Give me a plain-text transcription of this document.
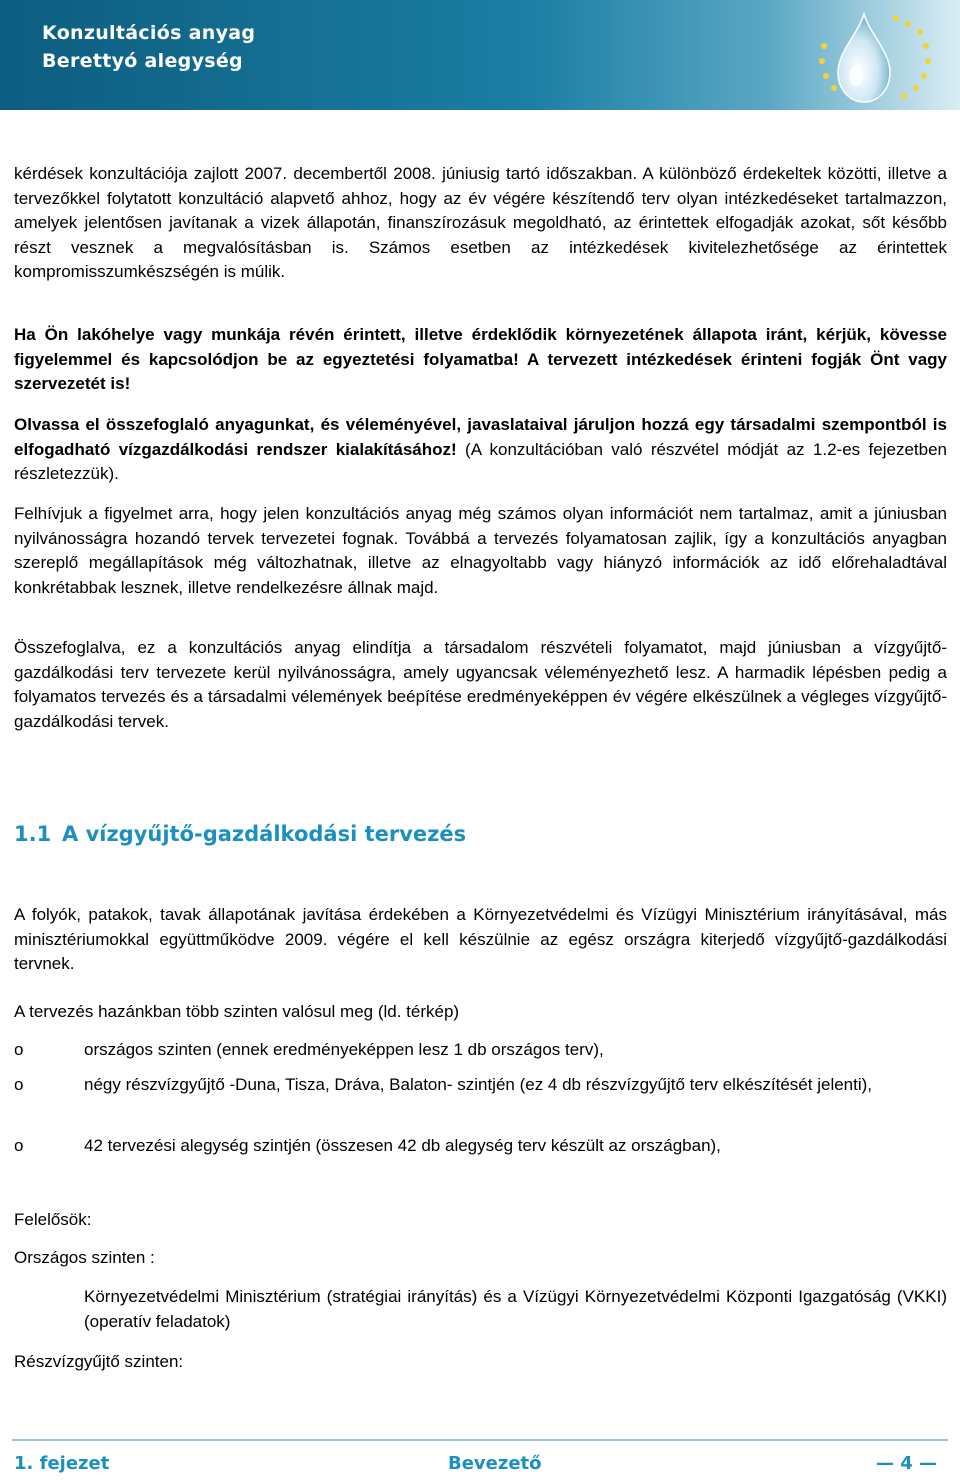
Konzultációs anyag
Berettyó alegység

kérdések konzultációja zajlott 2007. decembertől 2008. júniusig tartó időszakban. A különböző érdekeltek közötti, illetve a tervezőkkel folytatott konzultáció alapvető ahhoz, hogy az év végére készítendő terv olyan intézkedéseket tartalmazzon, amelyek jelentősen javítanak a vizek állapotán, finanszírozásuk megoldható, az érintettek elfogadják azokat, sőt később részt vesznek a megvalósításban is. Számos esetben az intézkedések kivitelezhetősége az érintettek kompromisszumkészségén is múlik.

Ha Ön lakóhelye vagy munkája révén érintett, illetve érdeklődik környezetének állapota iránt, kérjük, kövesse figyelemmel és kapcsolódjon be az egyeztetési folyamatba! A tervezett intézkedések érinteni fogják Önt vagy szervezetét is!

Olvassa el összefoglaló anyagunkat, és véleményével, javaslataival járuljon hozzá egy társadalmi szempontból is elfogadható vízgazdálkodási rendszer kialakításához! (A konzultációban való részvétel módját az 1.2-es fejezetben részletezzük).

Felhívjuk a figyelmet arra, hogy jelen konzultációs anyag még számos olyan információt nem tartalmaz, amit a júniusban nyilvánosságra hozandó tervek tervezetei fognak. Továbbá a tervezés folyamatosan zajlik, így a konzultációs anyagban szereplő megállapítások még változhatnak, illetve az elnagyoltabb vagy hiányzó információk az idő előrehaladtával konkrétabbak lesznek, illetve rendelkezésre állnak majd.

Összefoglalva, ez a konzultációs anyag elindítja a társadalom részvételi folyamatot, majd júniusban a vízgyűjtő-gazdálkodási terv tervezete kerül nyilvánosságra, amely ugyancsak véleményezhető lesz. A harmadik lépésben pedig a folyamatos tervezés és a társadalmi vélemények beépítése eredményeképpen év végére elkészülnek a végleges vízgyűjtő-gazdálkodási tervek.

1.1 A vízgyűjtő-gazdálkodási tervezés

A folyók, patakok, tavak állapotának javítása érdekében a Környezetvédelmi és Vízügyi Minisztérium irányításával, más minisztériumokkal együttműködve 2009. végére el kell készülnie az egész országra kiterjedő vízgyűjtő-gazdálkodási tervnek.

A tervezés hazánkban több szinten valósul meg (ld. térkép)

o	országos szinten (ennek eredményeképpen lesz 1 db országos terv),
o	négy részvízgyűjtő -Duna, Tisza, Dráva, Balaton- szintjén (ez 4 db részvízgyűjtő terv elkészítését jelenti),
o	42 tervezési alegység szintjén (összesen 42 db alegység terv készült az országban),

Felelősök:

Országos szinten :

Környezetvédelmi Minisztérium (stratégiai irányítás) és a Vízügyi Környezetvédelmi Központi Igazgatóság (VKKI) (operatív feladatok)

Részvízgyűjtő szinten:

1. fejezet	Bevezető	— 4 —
